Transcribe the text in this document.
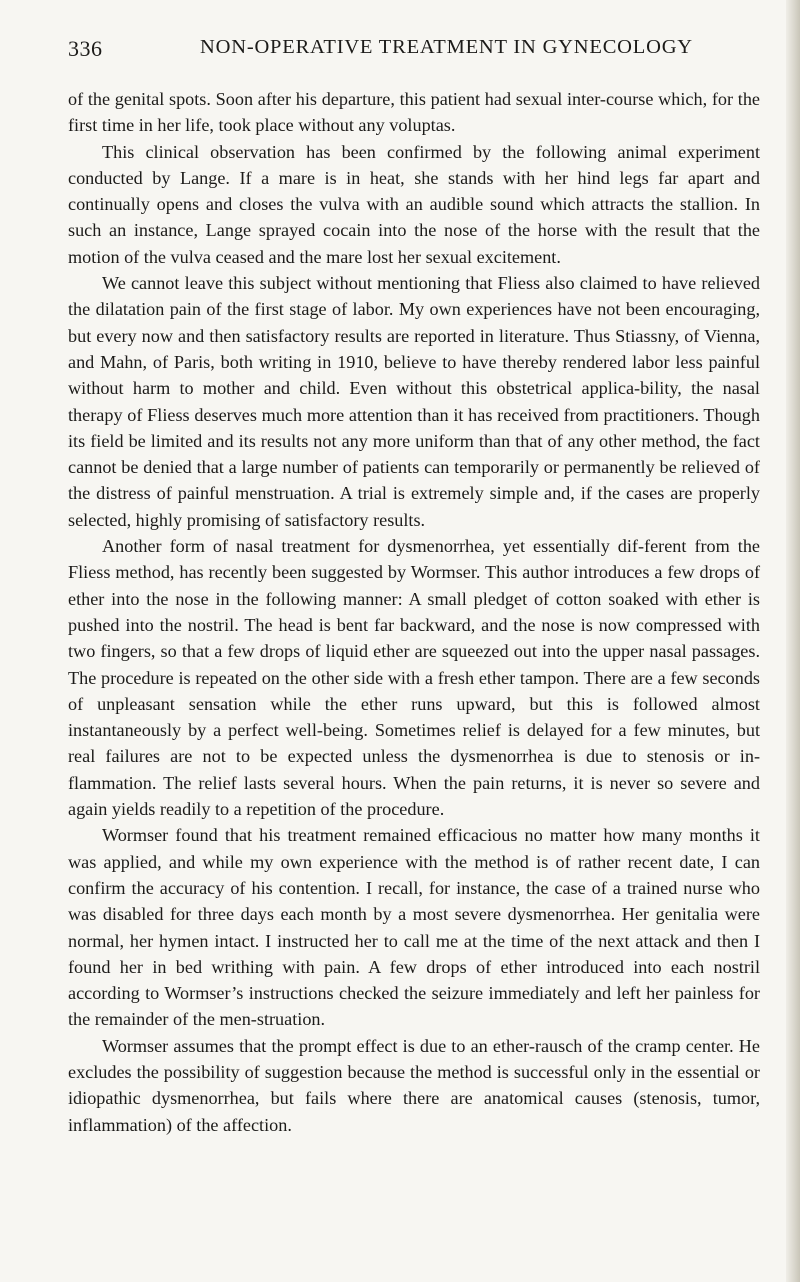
336	NON-OPERATIVE TREATMENT IN GYNECOLOGY

of the genital spots. Soon after his departure, this patient had sexual inter-course which, for the first time in her life, took place without any voluptas.

This clinical observation has been confirmed by the following animal experiment conducted by Lange. If a mare is in heat, she stands with her hind legs far apart and continually opens and closes the vulva with an audible sound which attracts the stallion. In such an instance, Lange sprayed cocain into the nose of the horse with the result that the motion of the vulva ceased and the mare lost her sexual excitement.

We cannot leave this subject without mentioning that Fliess also claimed to have relieved the dilatation pain of the first stage of labor. My own experiences have not been encouraging, but every now and then satisfactory results are reported in literature. Thus Stiassny, of Vienna, and Mahn, of Paris, both writing in 1910, believe to have thereby rendered labor less painful without harm to mother and child. Even without this obstetrical applica-bility, the nasal therapy of Fliess deserves much more attention than it has received from practitioners. Though its field be limited and its results not any more uniform than that of any other method, the fact cannot be denied that a large number of patients can temporarily or permanently be relieved of the distress of painful menstruation. A trial is extremely simple and, if the cases are properly selected, highly promising of satisfactory results.

Another form of nasal treatment for dysmenorrhea, yet essentially dif-ferent from the Fliess method, has recently been suggested by Wormser. This author introduces a few drops of ether into the nose in the following manner: A small pledget of cotton soaked with ether is pushed into the nostril. The head is bent far backward, and the nose is now compressed with two fingers, so that a few drops of liquid ether are squeezed out into the upper nasal passages. The procedure is repeated on the other side with a fresh ether tampon. There are a few seconds of unpleasant sensation while the ether runs upward, but this is followed almost instantaneously by a perfect well-being. Sometimes relief is delayed for a few minutes, but real failures are not to be expected unless the dysmenorrhea is due to stenosis or in-flammation. The relief lasts several hours. When the pain returns, it is never so severe and again yields readily to a repetition of the procedure.

Wormser found that his treatment remained efficacious no matter how many months it was applied, and while my own experience with the method is of rather recent date, I can confirm the accuracy of his contention. I recall, for instance, the case of a trained nurse who was disabled for three days each month by a most severe dysmenorrhea. Her genitalia were normal, her hymen intact. I instructed her to call me at the time of the next attack and then I found her in bed writhing with pain. A few drops of ether introduced into each nostril according to Wormser’s instructions checked the seizure immediately and left her painless for the remainder of the men-struation.

Wormser assumes that the prompt effect is due to an ether-rausch of the cramp center. He excludes the possibility of suggestion because the method is successful only in the essential or idiopathic dysmenorrhea, but fails where there are anatomical causes (stenosis, tumor, inflammation) of the affection.
